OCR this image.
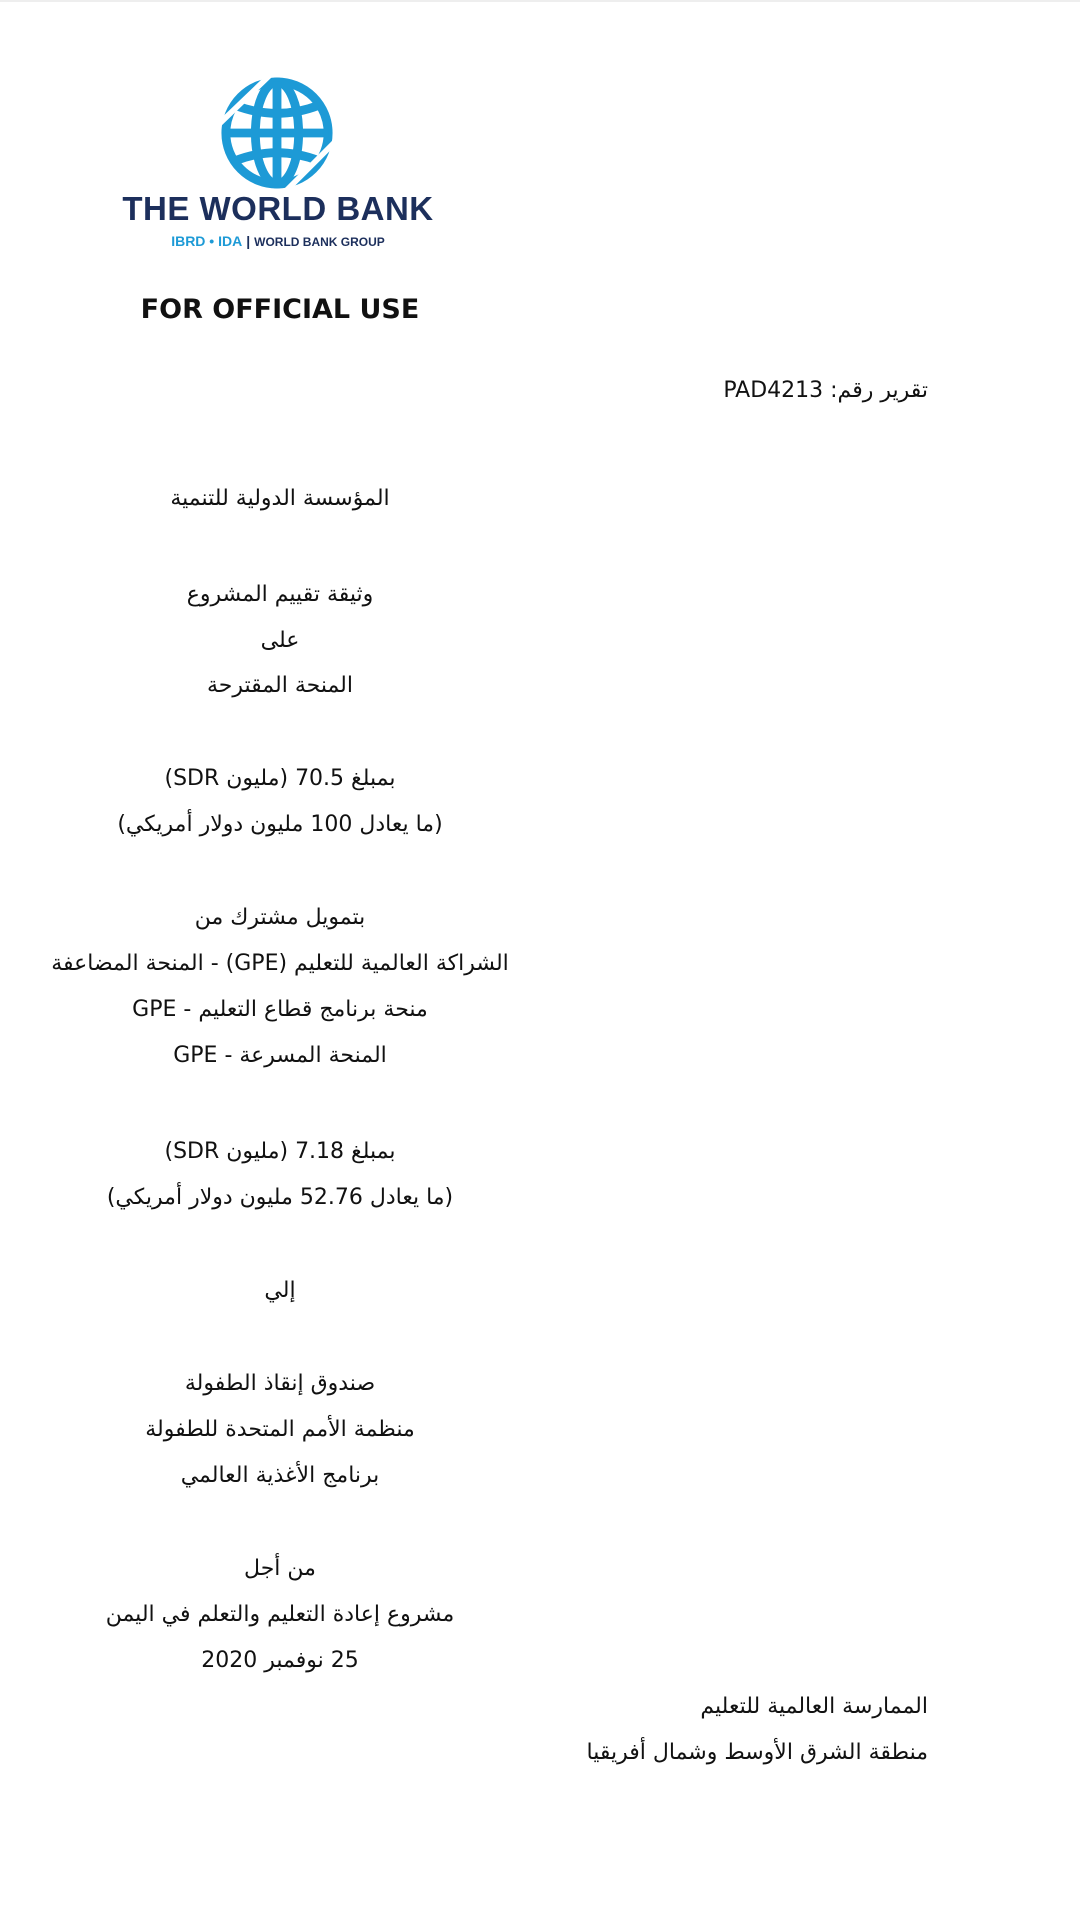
THE WORLD BANK
IBRD • IDA | WORLD BANK GROUP
FOR OFFICIAL USE
تقرير رقم: PAD4213
المؤسسة الدولية للتنمية
وثيقة تقييم المشروع
على
المنحة المقترحة
بمبلغ 70.5 (مليون SDR)
(ما يعادل 100 مليون دولار أمريكي)
بتمويل مشترك من
الشراكة العالمية للتعليم (GPE) - المنحة المضاعفة
منحة برنامج قطاع التعليم - GPE
المنحة المسرعة - GPE
بمبلغ 7.18 (مليون SDR)
(ما يعادل 52.76 مليون دولار أمريكي)
إلي
صندوق إنقاذ الطفولة
منظمة الأمم المتحدة للطفولة
برنامج الأغذية العالمي
من أجل
مشروع إعادة التعليم والتعلم في اليمن
25 نوفمبر 2020
الممارسة العالمية للتعليم
منطقة الشرق الأوسط وشمال أفريقيا
